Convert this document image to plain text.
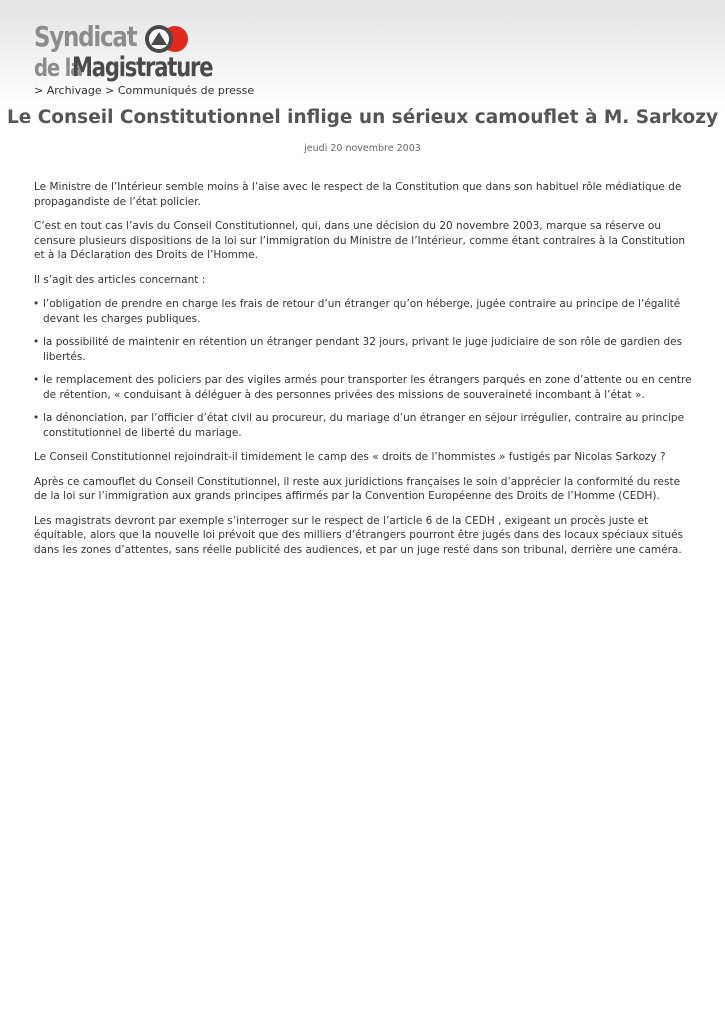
Syndicat
de laMagistrature
> Archivage > Communiqués de presse
Le Conseil Constitutionnel inflige un sérieux camouflet à M. Sarkozy
jeudi 20 novembre 2003

Le Ministre de l’Intérieur semble moins à l’aise avec le respect de la Constitution que dans son habituel rôle médiatique de propagandiste de l’état policier.

C’est en tout cas l’avis du Conseil Constitutionnel, qui, dans une décision du 20 novembre 2003, marque sa réserve ou censure plusieurs dispositions de la loi sur l’immigration du Ministre de l’Intérieur, comme étant contraires à la Constitution et à la Déclaration des Droits de l’Homme.

Il s’agit des articles concernant :

• l’obligation de prendre en charge les frais de retour d’un étranger qu’on héberge, jugée contraire au principe de l’égalité devant les charges publiques.
• la possibilité de maintenir en rétention un étranger pendant 32 jours, privant le juge judiciaire de son rôle de gardien des libertés.
• le remplacement des policiers par des vigiles armés pour transporter les étrangers parqués en zone d’attente ou en centre de rétention, « conduisant à déléguer à des personnes privées des missions de souveraineté incombant à l’état ».
• la dénonciation, par l’officier d’état civil au procureur, du mariage d’un étranger en séjour irrégulier, contraire au principe constitutionnel de liberté du mariage.

Le Conseil Constitutionnel rejoindrait-il timidement le camp des « droits de l’hommistes » fustigés par Nicolas Sarkozy ?

Après ce camouflet du Conseil Constitutionnel, il reste aux juridictions françaises le soin d’apprécier la conformité du reste de la loi sur l’immigration aux grands principes affirmés par la Convention Européenne des Droits de l’Homme (CEDH).

Les magistrats devront par exemple s’interroger sur le respect de l’article 6 de la CEDH , exigeant un procès juste et équitable, alors que la nouvelle loi prévoit que des milliers d’étrangers pourront être jugés dans des locaux spéciaux situés dans les zones d’attentes, sans réelle publicité des audiences, et par un juge resté dans son tribunal, derrière une caméra.
